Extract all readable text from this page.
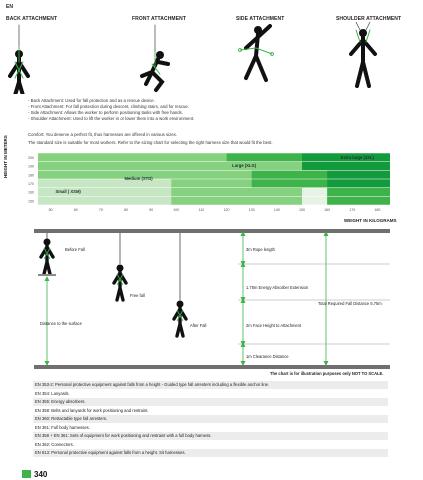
EN
BACK ATTACHMENT	FRONT ATTACHMENT	SIDE ATTACHMENT	SHOULDER ATTACHMENT
- Back Attachment: Used for fall protection and as a rescue device.
- Front Attachment: For fall protection during descent, climbing stairs, and for rescue.
- Side Attachment: Allows the worker to perform positioning tasks with free hands.
- Shoulder Attachment: Used to lift the worker in or lower them into a work environment.
Comfort: You deserve a perfect fit, thus harnesses are offered in various sizes.
The standard size is suitable for most workers. Refer to the sizing chart for selecting the right harness size that would fit the best.
HEIGHT IN METERS	200
190
180
170
160
150
50	60	70	80	90	100	110	120	130	140	150	160	170	180
Small ( XSM)
Medium (STD)
Large (XLG)
Extra large (3XL)
WEIGHT IN KILOGRAMS
Before Fall
Free fall
After Fall
Distance to the surface
3m Rope length
1.75m Energy Absorber Extension
Total Required Fall Distance 6.75m
2m Face Height to Attachment
1m Clearance Distance
The chart is for illustration purposes only NOT TO SCALE.
EN 353-2: Personal protective equipment against falls from a height - Guided type fall arresters including a flexible anchor line.
EN 354: Lanyards.
EN 355: Energy absorbers.
EN 358: Belts and lanyards for work positioning and restraint.
EN 360: Retractable type fall arresters.
EN 361: Full body harnesses.
EN 358 + EN 361: Sets of equipment for work positioning and restraint with a full body harness.
EN 362: Connectors.
EN 813: Personal protective equipment against falls from a height. Sit harnesses.
340
